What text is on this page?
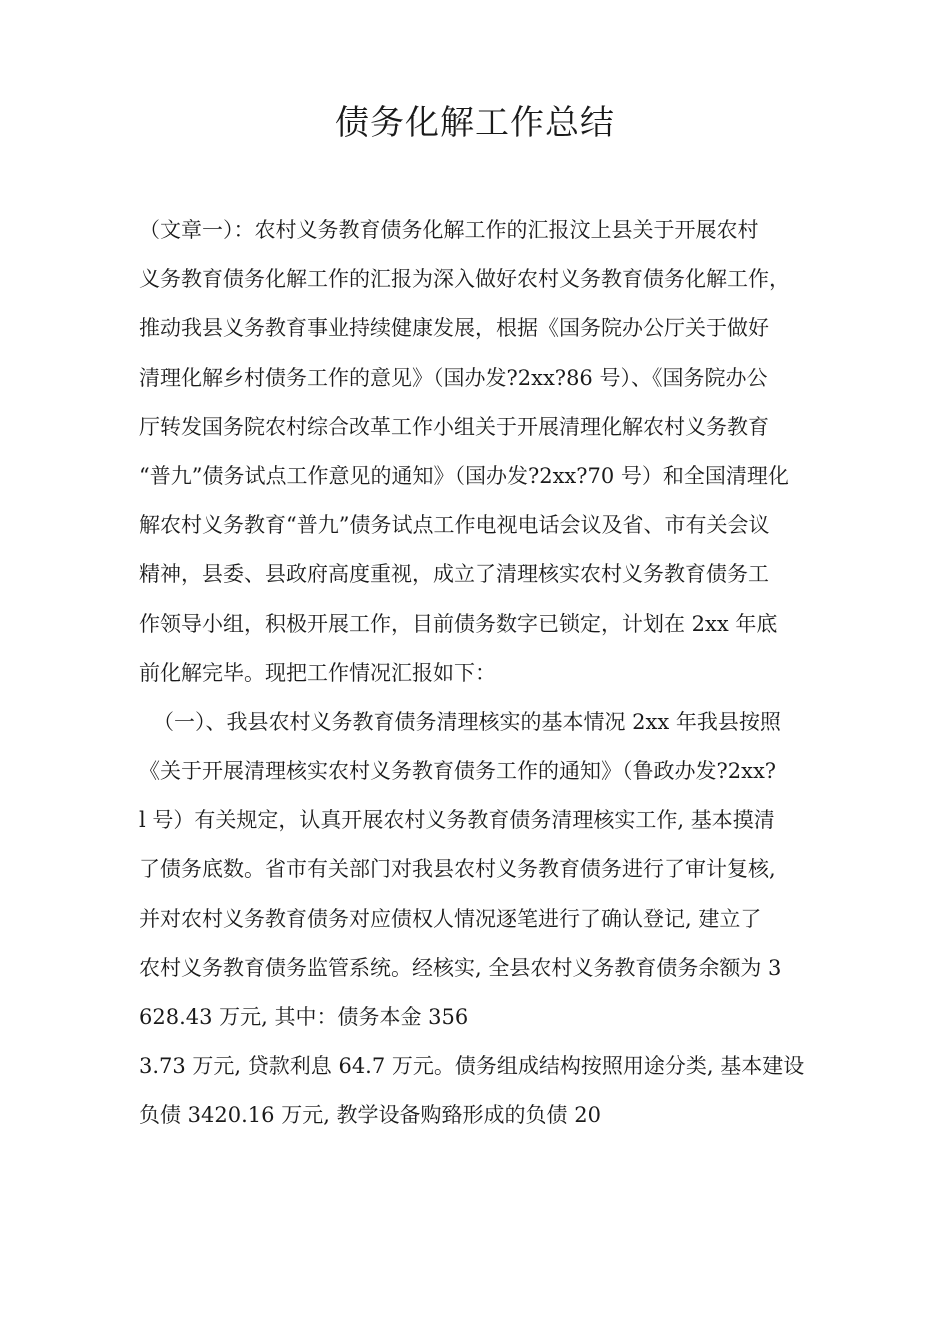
债务化解工作总结
（文章一）：农村义务教育债务化解工作的汇报汶上县关于开展农村
义务教育债务化解工作的汇报为深入做好农村义务教育债务化解工作，
推动我县义务教育事业持续健康发展，根据《国务院办公厅关于做好
清理化解乡村债务工作的意见》（国办发?2xx?86 号）、《国务院办公
厅转发国务院农村综合改革工作小组关于开展清理化解农村义务教育
“普九”债务试点工作意见的通知》（国办发?2xx?70 号）和全国清理化
解农村义务教育“普九”债务试点工作电视电话会议及省、市有关会议
精神，县委、县政府高度重视，成立了清理核实农村义务教育债务工
作领导小组，积极开展工作，目前债务数字已锁定，计划在 2xx 年底
前化解完毕。现把工作情况汇报如下：
（一）、我县农村义务教育债务清理核实的基本情况 2xx 年我县按照
《关于开展清理核实农村义务教育债务工作的通知》（鲁政办发?2xx?
l 号）有关规定，认真开展农村义务教育债务清理核实工作, 基本摸清
了债务底数。省市有关部门对我县农村义务教育债务进行了审计复核,
并对农村义务教育债务对应债权人情况逐笔进行了确认登记, 建立了
农村义务教育债务监管系统。经核实, 全县农村义务教育债务余额为 3
628.43 万元, 其中：债务本金 356
3.73 万元, 贷款利息 64.7 万元。债务组成结构按照用途分类, 基本建设
负债 3420.16 万元, 教学设备购臵形成的负债 20
